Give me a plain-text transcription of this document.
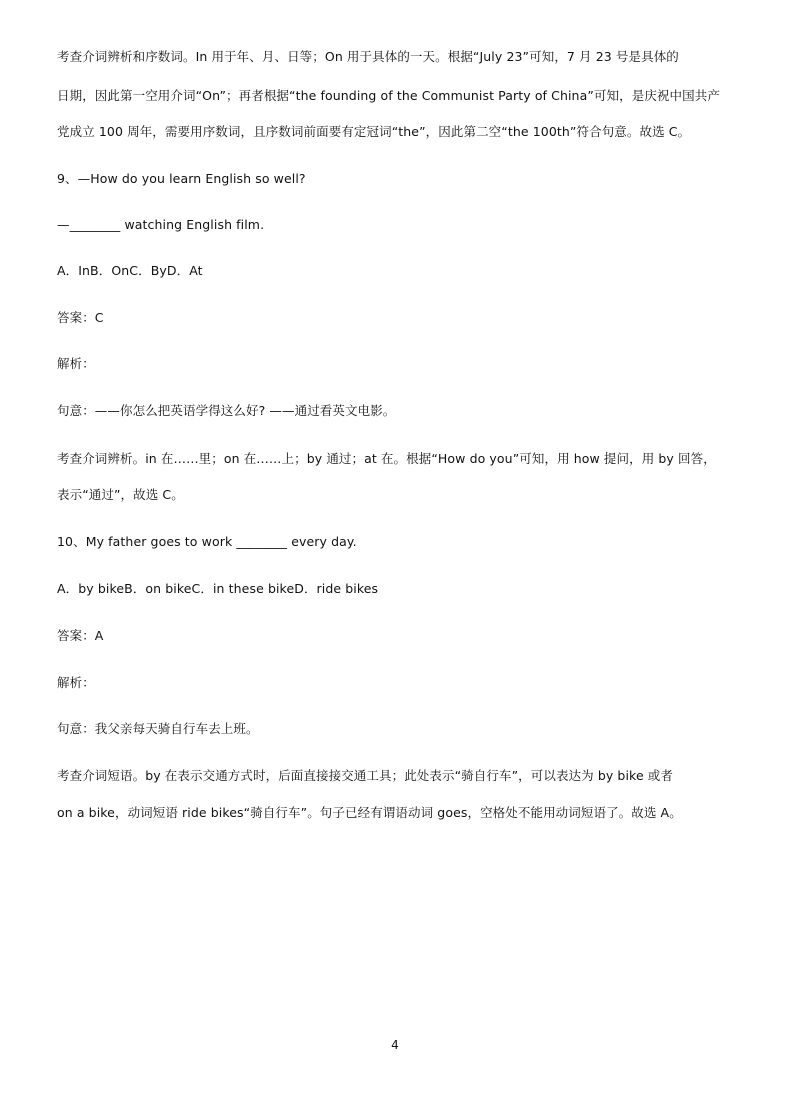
考查介词辨析和序数词。In 用于年、月、日等；On 用于具体的一天。根据“July 23”可知，7 月 23 号是具体的
日期，因此第一空用介词“On”；再者根据“the founding of the Communist Party of China”可知，是庆祝中国共产
党成立 100 周年，需要用序数词，且序数词前面要有定冠词“the”，因此第二空“the 100th”符合句意。故选 C。
9、—How do you learn English so well?
—________ watching English film.
A．InB．OnC．ByD．At
答案：C
解析：
句意：——你怎么把英语学得这么好? ——通过看英文电影。
考查介词辨析。in 在……里；on 在……上；by 通过；at 在。根据“How do you”可知，用 how 提问，用 by 回答，
表示“通过”，故选 C。
10、My father goes to work ________ every day.
A．by bikeB．on bikeC．in these bikeD．ride bikes
答案：A
解析：
句意：我父亲每天骑自行车去上班。
考查介词短语。by 在表示交通方式时，后面直接接交通工具；此处表示“骑自行车”，可以表达为 by bike 或者
on a bike，动词短语 ride bikes“骑自行车”。句子已经有谓语动词 goes，空格处不能用动词短语了。故选 A。
4
